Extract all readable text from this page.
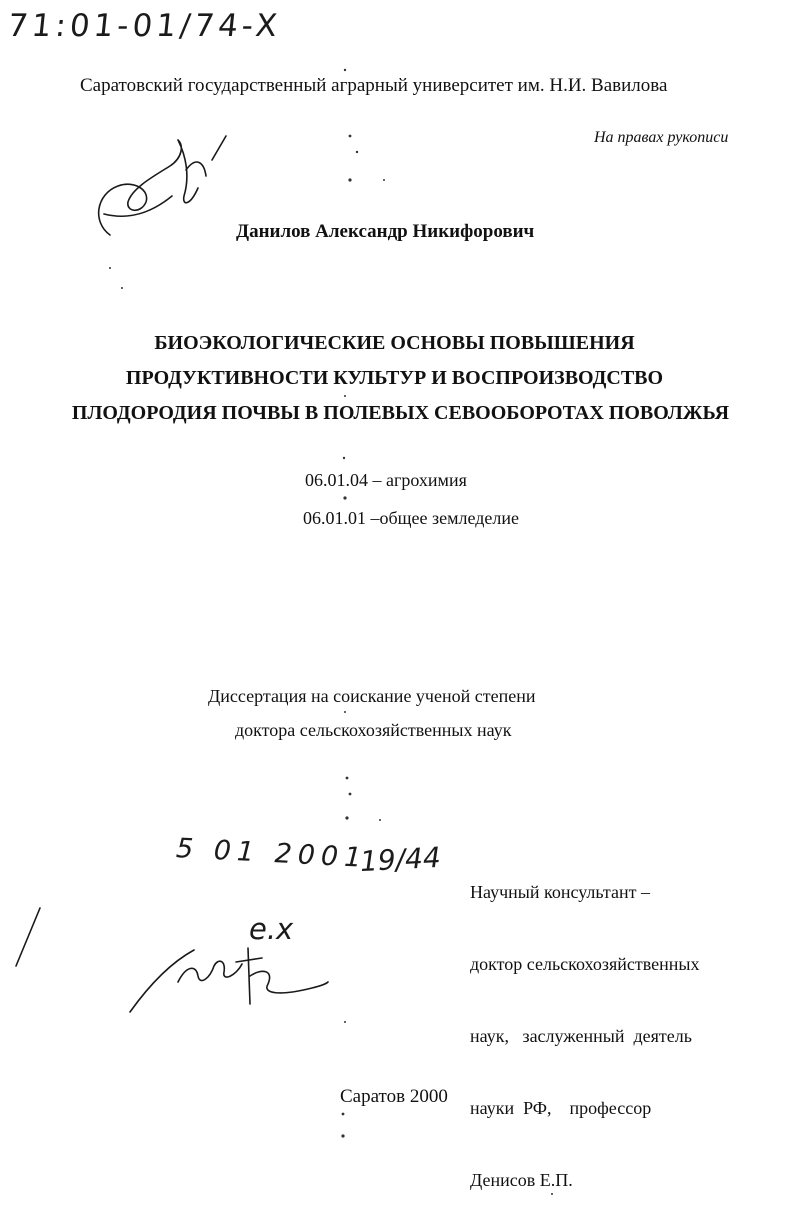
71:01-01/74-X
Саратовский государственный аграрный университет им. Н.И. Вавилова
На правах рукописи
Данилов Александр Никифорович
БИОЭКОЛОГИЧЕСКИЕ ОСНОВЫ ПОВЫШЕНИЯ
ПРОДУКТИВНОСТИ КУЛЬТУР И ВОСПРОИЗВОДСТВО
ПЛОДОРОДИЯ ПОЧВЫ В ПОЛЕВЫХ СЕВООБОРОТАХ ПОВОЛЖЬЯ
06.01.04 – агрохимия
06.01.01 –общее земледелие
Диссертация на соискание ученой степени
доктора сельскохозяйственных наук

Научный консультант –

доктор сельскохозяйственных

наук,   заслуженный  деятель

науки  РФ,    профессор

Денисов Е.П.

5 01 2001
19/44
е.х
Саратов 2000
